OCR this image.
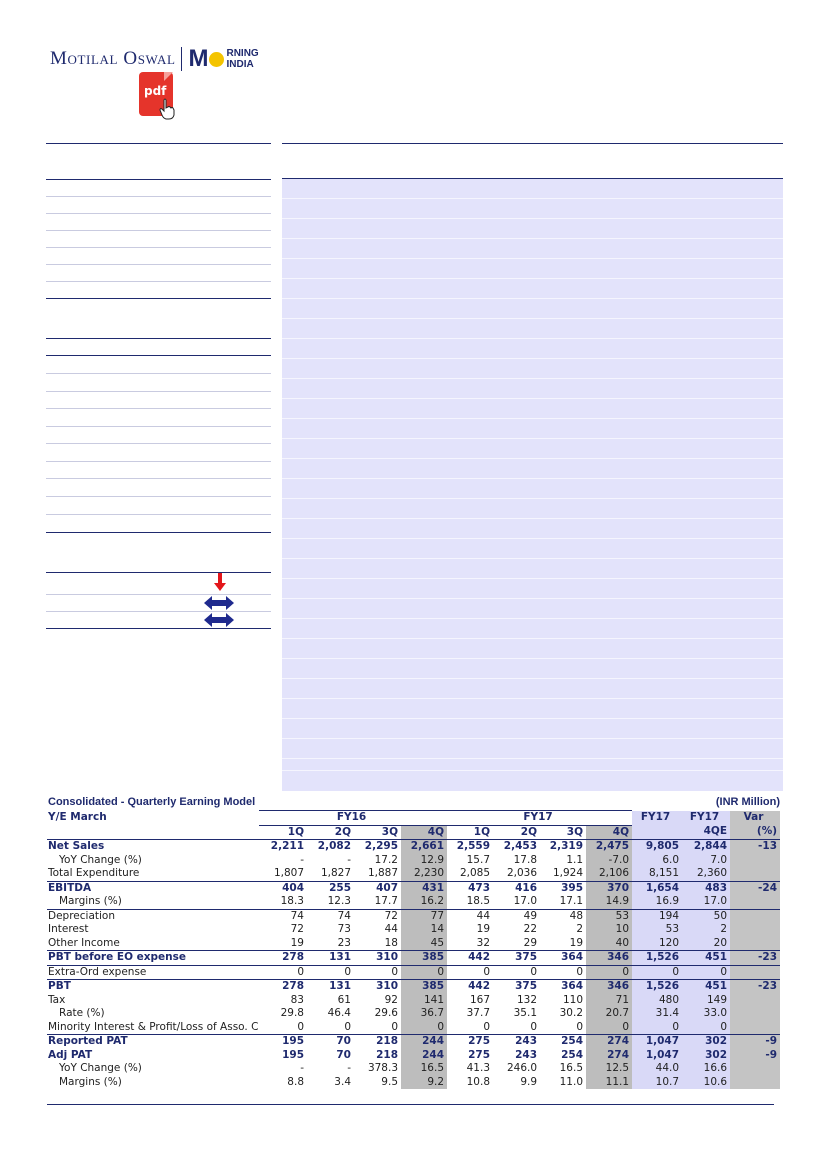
Motilal Oswal M RNING
INDIA
pdf
Consolidated - Quarterly Earning Model	(INR Million)
Y/E March	FY16				FY17				FY17	FY17	Var
	1Q	2Q	3Q	4Q	1Q	2Q	3Q	4Q		4QE	(%)
Net Sales	2,211	2,082	2,295	2,661	2,559	2,453	2,319	2,475	9,805	2,844	-13
YoY Change (%)	-	-	17.2	12.9	15.7	17.8	1.1	-7.0	6.0	7.0	
Total Expenditure	1,807	1,827	1,887	2,230	2,085	2,036	1,924	2,106	8,151	2,360	
EBITDA	404	255	407	431	473	416	395	370	1,654	483	-24
Margins (%)	18.3	12.3	17.7	16.2	18.5	17.0	17.1	14.9	16.9	17.0	
Depreciation	74	74	72	77	44	49	48	53	194	50	
Interest	72	73	44	14	19	22	2	10	53	2	
Other Income	19	23	18	45	32	29	19	40	120	20	
PBT before EO expense	278	131	310	385	442	375	364	346	1,526	451	-23
Extra-Ord expense	0	0	0	0	0	0	0	0	0	0	
PBT	278	131	310	385	442	375	364	346	1,526	451	-23
Tax	83	61	92	141	167	132	110	71	480	149	
Rate (%)	29.8	46.4	29.6	36.7	37.7	35.1	30.2	20.7	31.4	33.0	
Minority Interest & Profit/Loss of Asso. C	0	0	0	0	0	0	0	0	0	0	
Reported PAT	195	70	218	244	275	243	254	274	1,047	302	-9
Adj PAT	195	70	218	244	275	243	254	274	1,047	302	-9
YoY Change (%)	-	-	378.3	16.5	41.3	246.0	16.5	12.5	44.0	16.6	
Margins (%)	8.8	3.4	9.5	9.2	10.8	9.9	11.0	11.1	10.7	10.6	
